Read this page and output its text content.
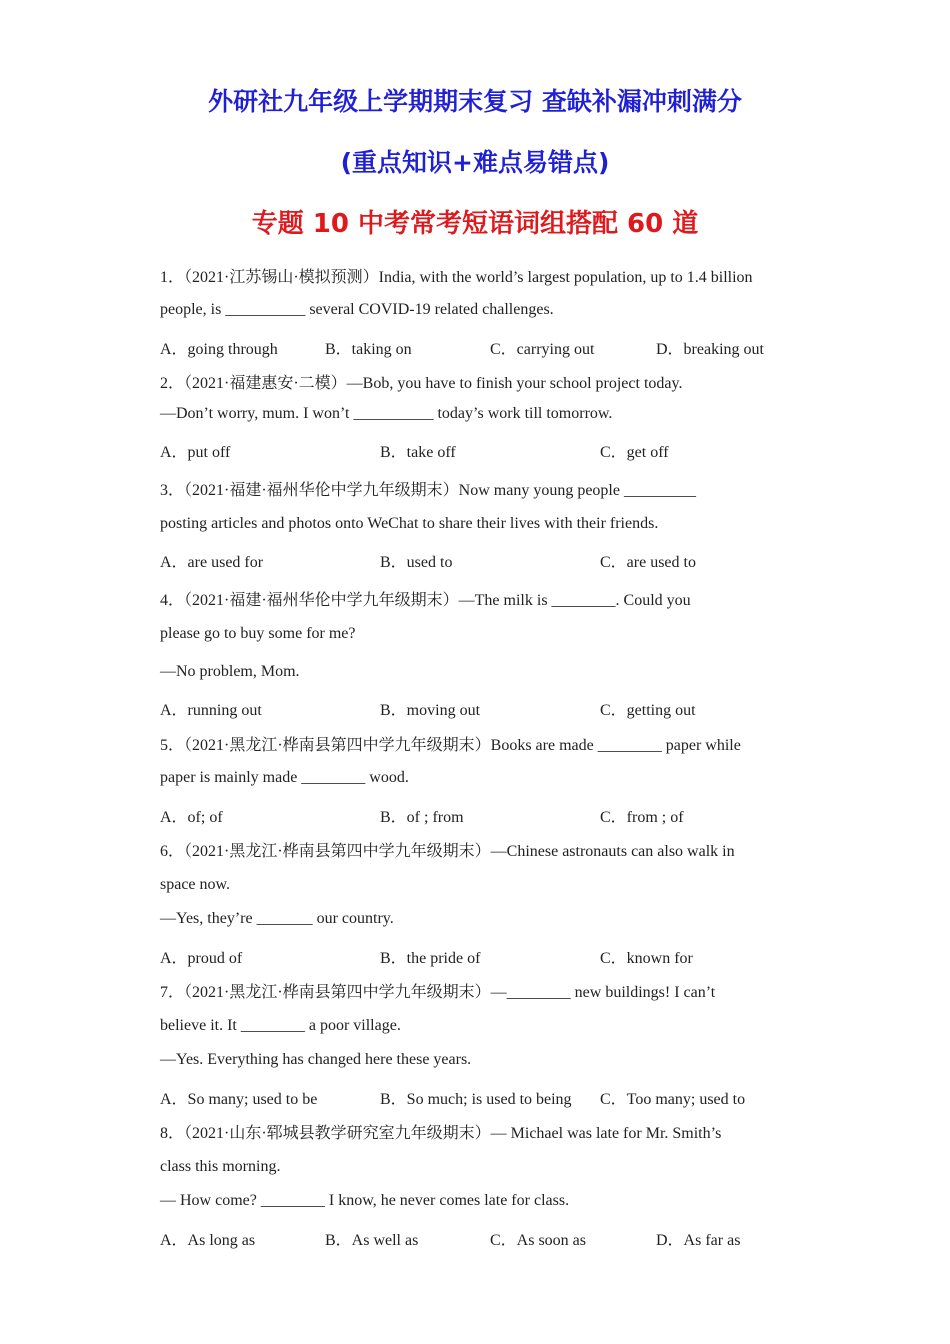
外研社九年级上学期期末复习 查缺补漏冲刺满分
(重点知识+难点易错点)
专题 10 中考常考短语词组搭配 60 道
1．（2021·江苏锡山·模拟预测）India, with the world’s largest population, up to 1.4 billion
people, is __________ several COVID-19 related challenges.
A．going through	B．taking on	C．carrying out	D．breaking out
2．（2021·福建惠安·二模）—Bob, you have to finish your school project today.
—Don’t worry, mum. I won’t __________ today’s work till tomorrow.
A．put off	B．take off	C．get off
3．（2021·福建·福州华伦中学九年级期末）Now many young people _________
posting articles and photos onto WeChat to share their lives with their friends.
A．are used for	B．used to	C．are used to
4．（2021·福建·福州华伦中学九年级期末）—The milk is ________. Could you
please go to buy some for me?
—No problem, Mom.
A．running out	B．moving out	C．getting out
5．（2021·黑龙江·桦南县第四中学九年级期末）Books are made ________ paper while
paper is mainly made ________ wood.
A．of; of	B．of ; from	C．from ; of
6．（2021·黑龙江·桦南县第四中学九年级期末）—Chinese astronauts can also walk in
space now.
—Yes, they’re _______ our country.
A．proud of	B．the pride of	C．known for
7．（2021·黑龙江·桦南县第四中学九年级期末）—________ new buildings! I can’t
believe it. It ________ a poor village.
—Yes. Everything has changed here these years.
A．So many; used to be	B．So much; is used to being C．Too many; used to
8．（2021·山东·郓城县教学研究室九年级期末）— Michael was late for Mr. Smith’s
class this morning.
— How come? ________ I know, he never comes late for class.
A．As long as	B．As well as	C．As soon as	D．As far as
